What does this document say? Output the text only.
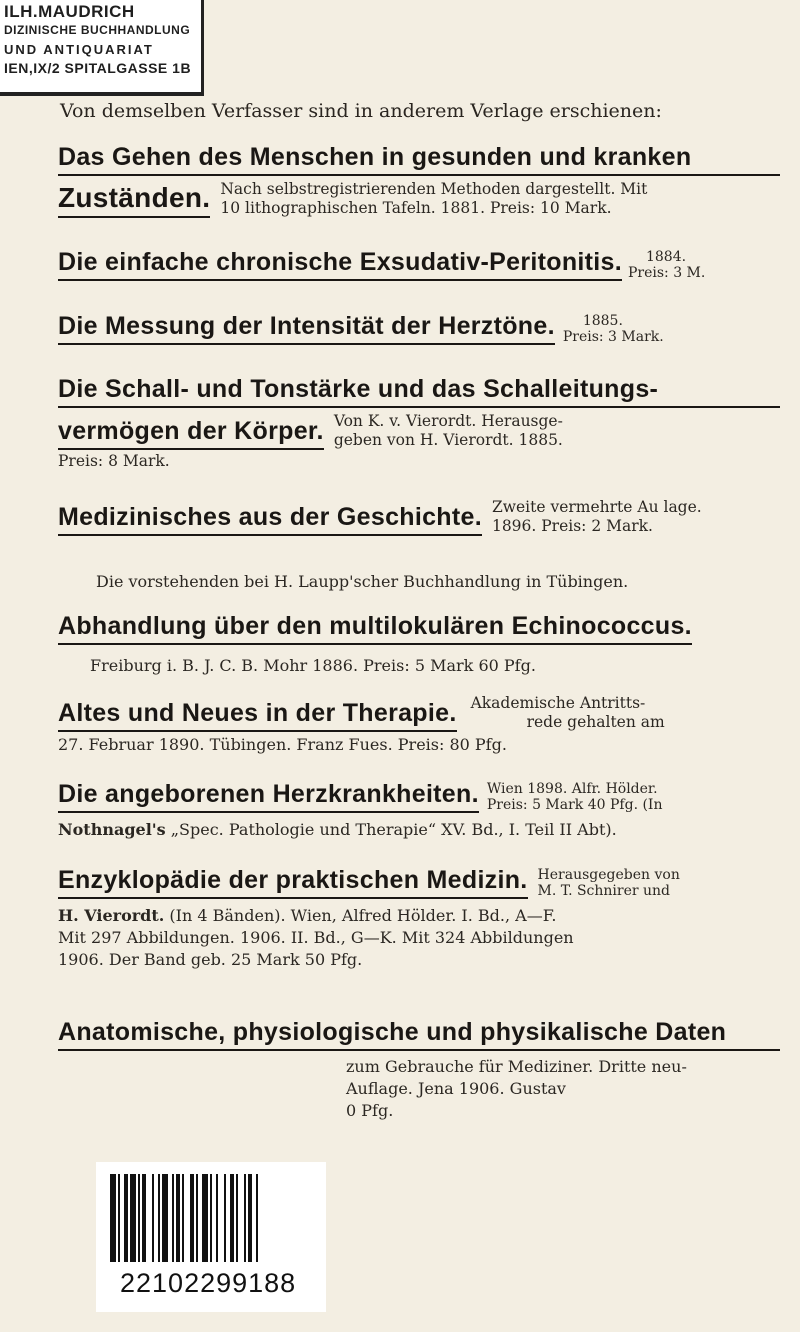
ILH.MAUDRICH
DIZINISCHE BUCHHANDLUNG
UND ANTIQUARIAT
IEN,IX/2 SPITALGASSE 1B
Von demselben Verfasser sind in anderem Verlage erschienen:
Das Gehen des Menschen in gesunden und kranken
Zuständen. Nach selbstregistrierenden Methoden dargestellt. Mit
10 lithographischen Tafeln. 1881. Preis: 10 Mark.
Die einfache chronische Exsudativ-Peritonitis.	1884.
Preis: 3 M.
Die Messung der Intensität der Herztöne.	1885.
Preis: 3 Mark.
Die Schall- und Tonstärke und das Schalleitungs-
vermögen der Körper. Von K. v. Vierordt. Herausge-
geben von H. Vierordt. 1885.
Preis: 8 Mark.
Medizinisches aus der Geschichte. Zweite vermehrte Au lage.
1896. Preis: 2 Mark.
Die vorstehenden bei H. Laupp'scher Buchhandlung in Tübingen.
Abhandlung über den multilokulären Echinococcus.
Freiburg i. B. J. C. B. Mohr 1886. Preis: 5 Mark 60 Pfg.
Altes und Neues in der Therapie. Akademische Antritts-
rede gehalten am
27. Februar 1890. Tübingen. Franz Fues. Preis: 80 Pfg.
Die angeborenen Herzkrankheiten. Wien 1898. Alfr. Hölder.
Preis: 5 Mark 40 Pfg. (In
Nothnagel's „Spec. Pathologie und Therapie“ XV. Bd., I. Teil II Abt).
Enzyklopädie der praktischen Medizin. Herausgegeben von
M. T. Schnirer und
H. Vierordt. (In 4 Bänden). Wien, Alfred Hölder. I. Bd., A—F.
Mit 297 Abbildungen. 1906. II. Bd., G—K. Mit 324 Abbildungen
1906. Der Band geb. 25 Mark 50 Pfg.
Anatomische, physiologische und physikalische Daten
zum Gebrauche für Mediziner. Dritte neu-
Auflage. Jena 1906. Gustav
0 Pfg.
22102299188
